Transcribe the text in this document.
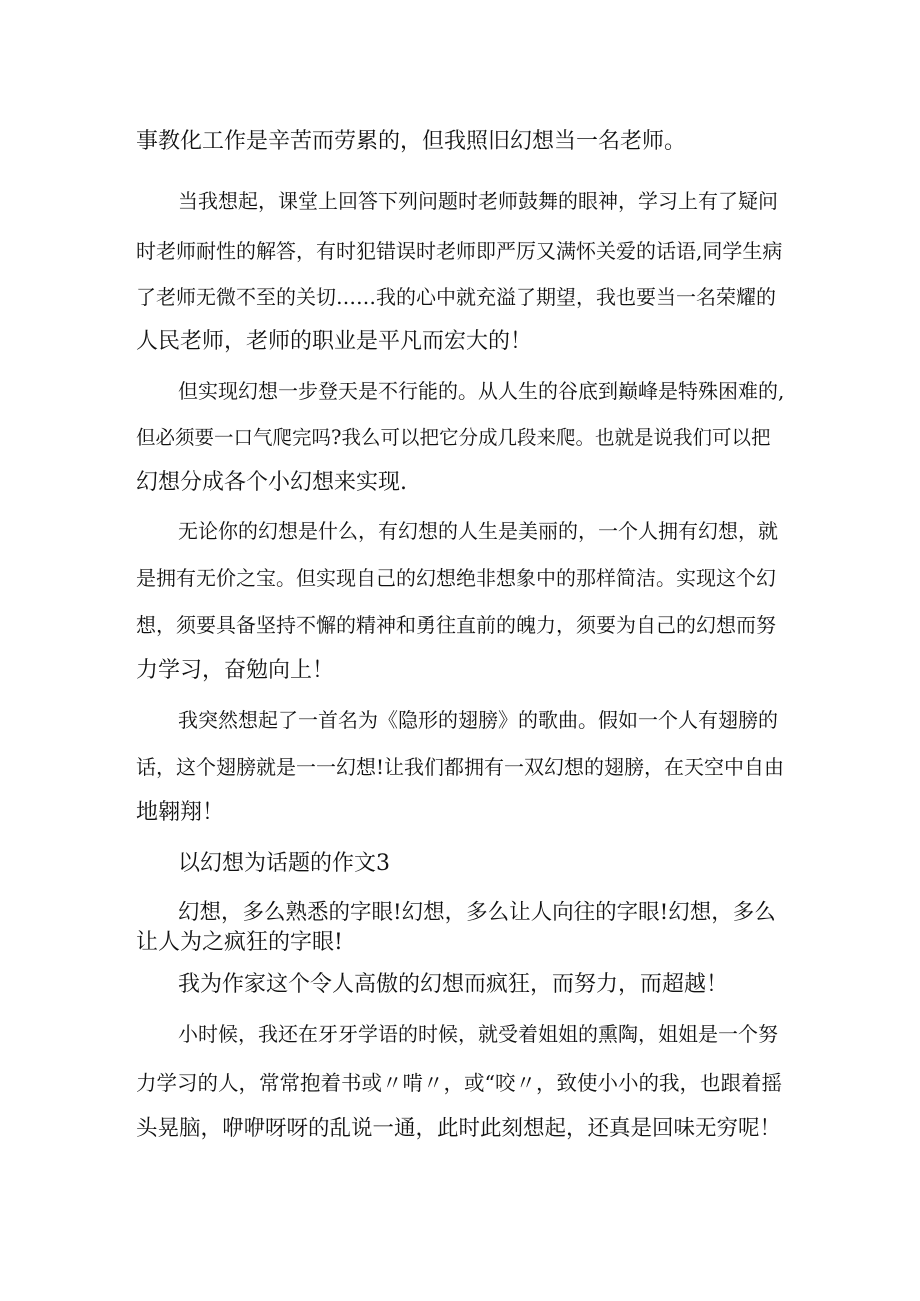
事教化工作是辛苦而劳累的，但我照旧幻想当一名老师。
当我想起，课堂上回答下列问题时老师鼓舞的眼神，学习上有了疑问
时老师耐性的解答，有时犯错误时老师即严厉又满怀关爱的话语,同学生病
了老师无微不至的关切……我的心中就充溢了期望，我也要当一名荣耀的
人民老师，老师的职业是平凡而宏大的！
但实现幻想一步登天是不行能的。从人生的谷底到巅峰是特殊困难的,
但必须要一口气爬完吗?我么可以把它分成几段来爬。也就是说我们可以把
幻想分成各个小幻想来实现.
无论你的幻想是什么，有幻想的人生是美丽的，一个人拥有幻想，就
是拥有无价之宝。但实现自己的幻想绝非想象中的那样简洁。实现这个幻
想，须要具备坚持不懈的精神和勇往直前的魄力，须要为自己的幻想而努
力学习，奋勉向上！
我突然想起了一首名为《隐形的翅膀》的歌曲。假如一个人有翅膀的
话，这个翅膀就是一一幻想!让我们都拥有一双幻想的翅膀，在天空中自由
地翱翔！
以幻想为话题的作文3
幻想，多么熟悉的字眼!幻想，多么让人向往的字眼!幻想，多么
让人为之疯狂的字眼!
我为作家这个令人高傲的幻想而疯狂，而努力，而超越！
小时候，我还在牙牙学语的时候，就受着姐姐的熏陶，姐姐是一个努
力学习的人，常常抱着书或〃啃〃，或“咬〃，致使小小的我，也跟着摇
头晃脑，咿咿呀呀的乱说一通，此时此刻想起，还真是回味无穷呢！
